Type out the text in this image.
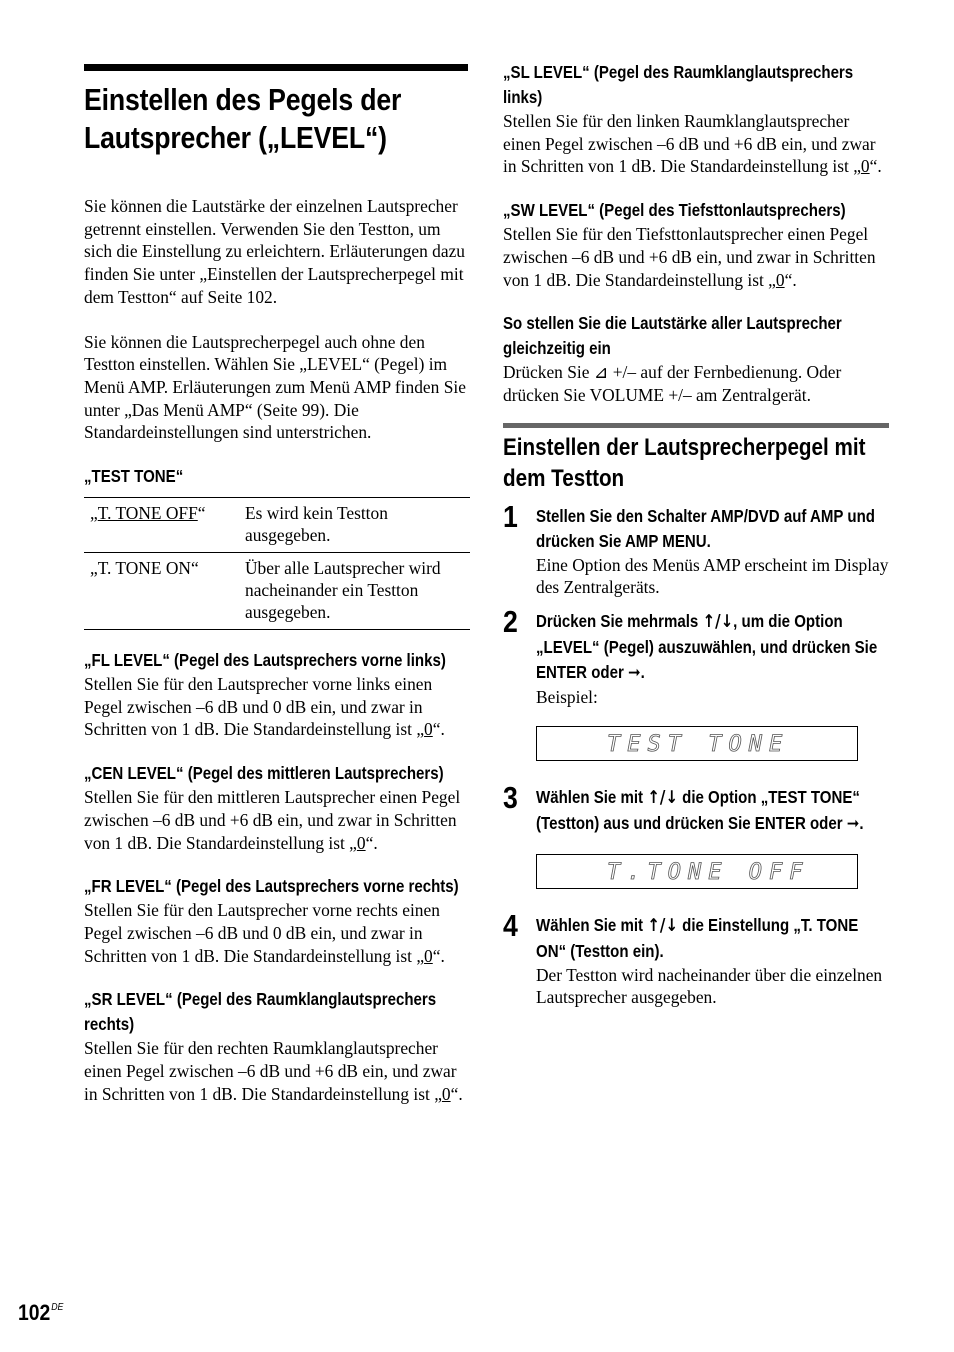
Einstellen des Pegels der Lautsprecher („LEVEL“)

Sie können die Lautstärke der einzelnen Lautsprecher getrennt einstellen. Verwenden Sie den Testton, um sich die Einstellung zu erleichtern. Erläuterungen dazu finden Sie unter „Einstellen der Lautsprecherpegel mit dem Testton“ auf Seite 102.

Sie können die Lautsprecherpegel auch ohne den Testton einstellen. Wählen Sie „LEVEL“ (Pegel) im Menü AMP. Erläuterungen zum Menü AMP finden Sie unter „Das Menü AMP“ (Seite 99). Die Standardeinstellungen sind unterstrichen.

„TEST TONE“
„T. TONE OFF“	Es wird kein Testton ausgegeben.
„T. TONE ON“	Über alle Lautsprecher wird nacheinander ein Testton ausgegeben.
„FL LEVEL“ (Pegel des Lautsprechers vorne links)

Stellen Sie für den Lautsprecher vorne links einen Pegel zwischen –6 dB und 0 dB ein, und zwar in Schritten von 1 dB. Die Standardeinstellung ist „0“.

„CEN LEVEL“ (Pegel des mittleren Lautsprechers)

Stellen Sie für den mittleren Lautsprecher einen Pegel zwischen –6 dB und +6 dB ein, und zwar in Schritten von 1 dB. Die Standardeinstellung ist „0“.

„FR LEVEL“ (Pegel des Lautsprechers vorne rechts)

Stellen Sie für den Lautsprecher vorne rechts einen Pegel zwischen –6 dB und 0 dB ein, und zwar in Schritten von 1 dB. Die Standardeinstellung ist „0“.

„SR LEVEL“ (Pegel des Raumklanglautsprechers rechts)

Stellen Sie für den rechten Raumklanglautsprecher einen Pegel zwischen –6 dB und +6 dB ein, und zwar in Schritten von 1 dB. Die Standardeinstellung ist „0“.

„SL LEVEL“ (Pegel des Raumklanglautsprechers links)

Stellen Sie für den linken Raumklanglautsprecher einen Pegel zwischen –6 dB und +6 dB ein, und zwar in Schritten von 1 dB. Die Standardeinstellung ist „0“.

„SW LEVEL“ (Pegel des Tiefsttonlautsprechers)

Stellen Sie für den Tiefsttonlautsprecher einen Pegel zwischen –6 dB und +6 dB ein, und zwar in Schritten von 1 dB. Die Standardeinstellung ist „0“.

So stellen Sie die Lautstärke aller Lautsprecher gleichzeitig ein

Drücken Sie ⊿ +/– auf der Fernbedienung. Oder drücken Sie VOLUME +/– am Zentralgerät.

Einstellen der Lautsprecherpegel mit dem Testton
1 Stellen Sie den Schalter AMP/DVD auf AMP und drücken Sie AMP MENU.

Eine Option des Menüs AMP erscheint im Display des Zentralgeräts.

2 Drücken Sie mehrmals ↑/↓, um die Option „LEVEL“ (Pegel) auszuwählen, und drücken Sie ENTER oder ➞.

Beispiel:

TEST TONE
3 Wählen Sie mit ↑/↓ die Option „TEST TONE“ (Testton) aus und drücken Sie ENTER oder ➞.
T.TONE OFF
4 Wählen Sie mit ↑/↓ die Einstellung „T. TONE ON“ (Testton ein).

Der Testton wird nacheinander über die einzelnen Lautsprecher ausgegeben.

102DE
